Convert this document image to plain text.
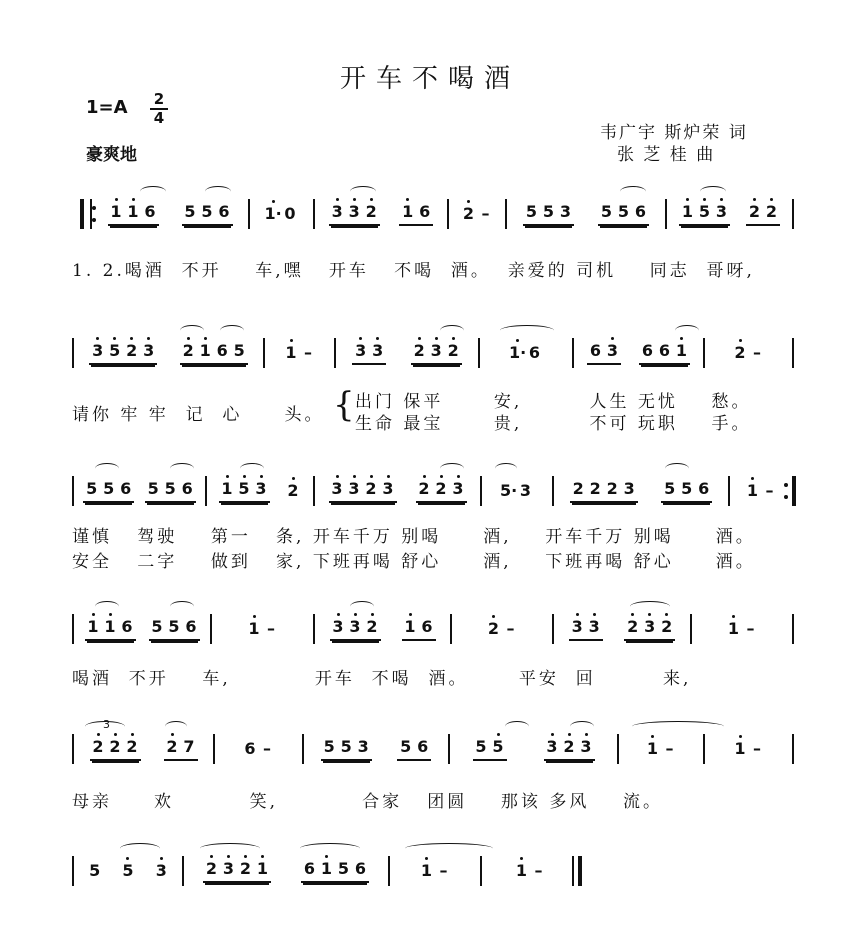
开车不喝酒
1=A 2
4
豪爽地
韦广宇 斯炉荣 词
张 芝 桂 曲
1 1 6 5 5 6 1· 0 3 3 2 1 6 2 – 5 5 3 5 5 6 1 5 3 2 2
3 5 2 3 2 1 6 5	1 –	3 3 2 3 2	1· 6	6 3 6 6 1	2 –
5 5 6 5 5 6 1 5 3 2 3 3 2 3 2 2 3 5· 3	2 2 2 3 5 5 6 1 –
1 1 6 5 5 6	1 –	3 3 2 1 6	2 –	3 3 2 3 2	1 –
2 2 2 2 7	6 –	5 5 3 5 6	5 5	3 2 3	1 –	1 –
5 5 3 2 3 2 1 6 1 5 6	1 –	1 –
3
1. 2.喝酒  不开    车,嘿   开车   不喝  酒。  亲爱的 司机    同志  哥呀,
请你 牢 牢  记  心     头。 { 出门 保平      安,        人生 无忧    愁。
生命 最宝      贵,        不可 玩职    手。
谨慎   驾驶    第一   条, 开车千万 别喝     酒,    开车千万 别喝     酒。
安全   二字    做到   家, 下班再喝 舒心     酒,    下班再喝 舒心     酒。
喝酒  不开    车,          开车  不喝  酒。      平安  回        来,
母亲     欢         笑,          合家   团圆    那该 多风    流。
